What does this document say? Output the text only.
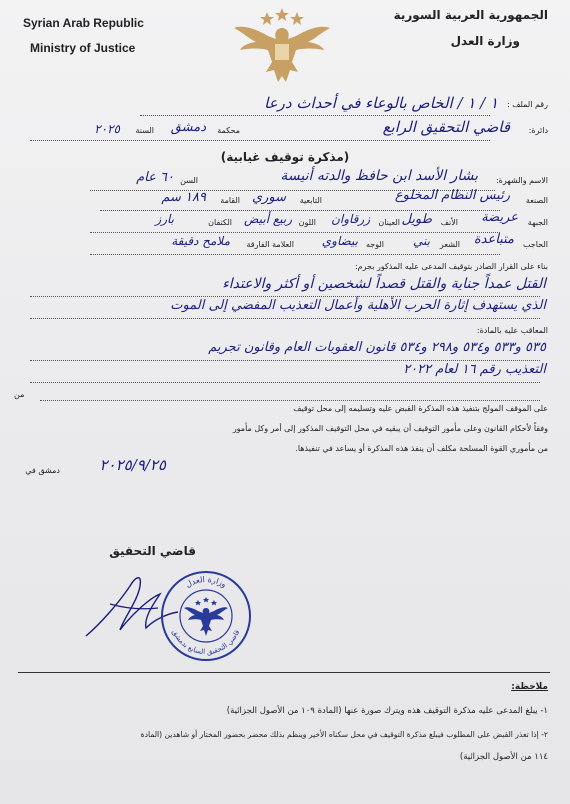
Syrian Arab Republic
Ministry of Justice
الجمهورية العربية السورية
وزارة العدل
رقم الملف :
١ / ١ / الخاص بالوعاء في أحداث درعا
دائرة:
قاضي التحقيق الرابع
محكمة
دمشق
السنة
٢٠٢٥
(مذكرة توقيف غيابية)
الاسم والشهرة:
بشار الأسد ابن حافظ والدته أنيسة
السن
٦٠ عام
الصنعة
رئيس النظام المخلوع
التابعية
سوري
القامة
١٨٩ سم
الجبهة
عريضة
الأنف
طويل
العينان
زرقاوان
اللون
ربيع أبيض
الكتفان
بارز
الحاجب
متباعدة
الشعر
بني
الوجه
بيضاوي
العلامة الفارقة
ملامح دقيقة
بناء على القرار الصادر بتوقيف المدعى عليه المذكور بجرم:
القتل عمداً جناية والقتل قصداً لشخصين أو أكثر والاعتداء
الذي يستهدف إثارة الحرب الأهلية وأعمال التعذيب المفضي إلى الموت
المعاقب عليه بالمادة:
٥٣٥ و٥٣٣ و٥٣٤ و٢٩٨ و٥٣٤ قانون العقوبات العام وقانون تجريم
التعذيب رقم ١٦ لعام ٢٠٢٢
من
على الموقف المولج بتنفيذ هذه المذكرة القبض عليه وتسليمه إلى محل توقيف
وفقاً لأحكام القانون وعلى مأمور التوقيف أن يبقيه في محل التوقيف المذكور إلى أمر وكل مأمور
من مأموري القوة المسلحة مكلف أن ينفذ هذه المذكرة أو يساعد في تنفيذها.
دمشق في	٢٠٢٥/٩/٢٥
قاضي التحقيق
وزارة العدل
قاضي التحقيق السابع بدمشق
ملاحظة:
١- يبلغ المدعى عليه مذكرة التوقيف هذه ويترك صورة عنها (المادة ١٠٩ من الأصول الجزائية)
٢- إذا تعذر القبض على المطلوب فيبلغ مذكرة التوقيف في محل سكناه الأخير وينظم بذلك محضر بحضور المختار أو شاهدين (المادة
١١٤ من الأصول الجزائية)
